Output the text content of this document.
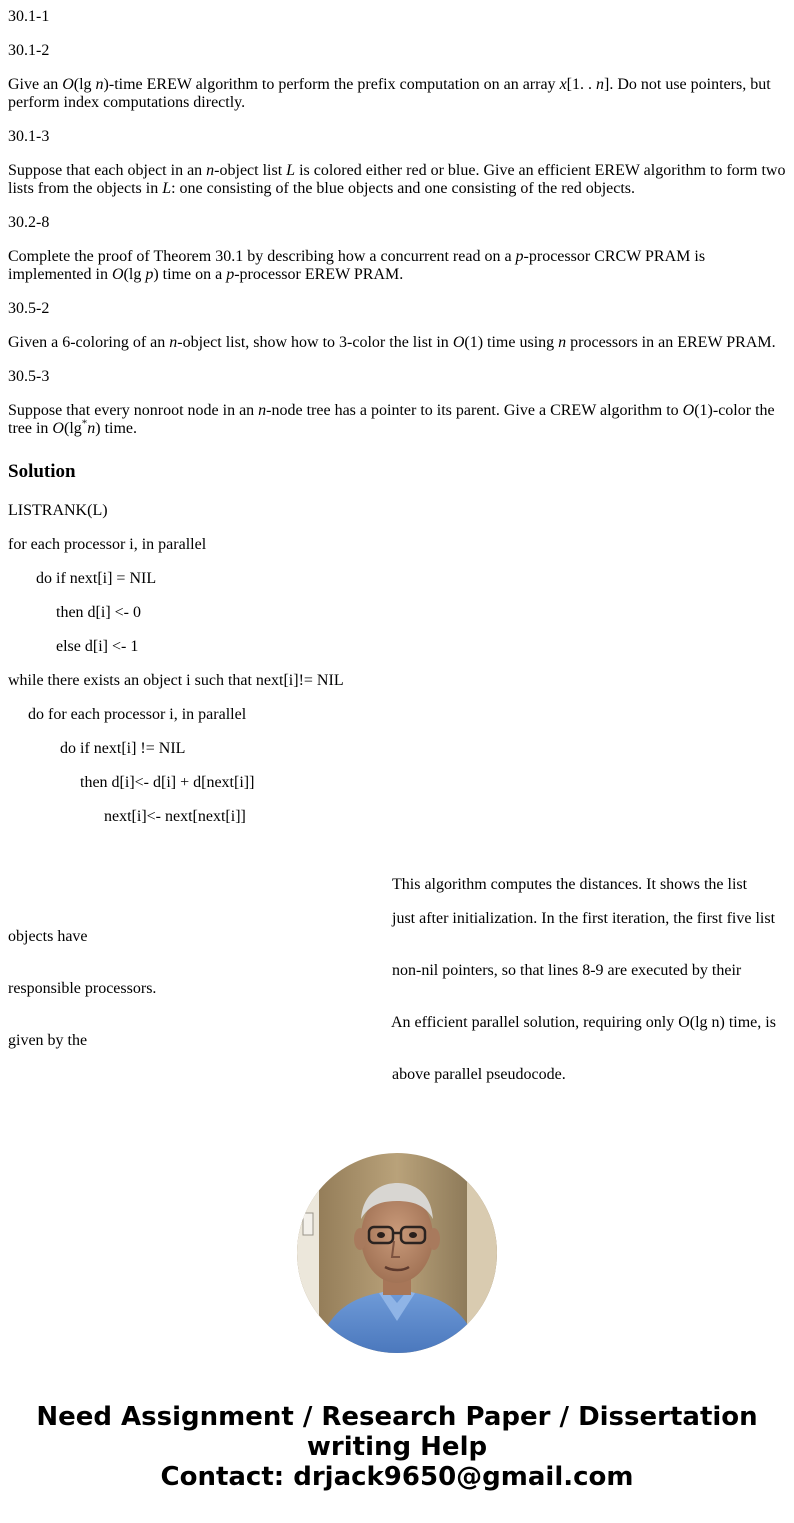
30.1-1

30.1-2

Give an O(lg n)-time EREW algorithm to perform the prefix computation on an array x[1. . n]. Do not use pointers, but perform index computations directly.

30.1-3

Suppose that each object in an n-object list L is colored either red or blue. Give an efficient EREW algorithm to form two lists from the objects in L: one consisting of the blue objects and one consisting of the red objects.

30.2-8

Complete the proof of Theorem 30.1 by describing how a concurrent read on a p-processor CRCW PRAM is implemented in O(lg p) time on a p-processor EREW PRAM.

30.5-2

Given a 6-coloring of an n-object list, show how to 3-color the list in O(1) time using n processors in an EREW PRAM.

30.5-3

Suppose that every nonroot node in an n-node tree has a pointer to its parent. Give a CREW algorithm to O(1)-color the tree in O(lg*n) time.

Solution

LISTRANK(L)

for each processor i, in parallel

do if next[i] = NIL

then d[i] <- 0

else d[i] <- 1

while there exists an object i such that next[i]!= NIL

do for each processor i, in parallel

do if next[i] != NIL

then d[i]<- d[i] + d[next[i]]

next[i]<- next[next[i]]

This algorithm computes the distances. It shows the list

just after initialization. In the first iteration, the first five list

objects have

non-nil pointers, so that lines 8-9 are executed by their

responsible processors.

An efficient parallel solution, requiring only O(lg n) time, is

given by the

above parallel pseudocode.

Need Assignment / Research Paper / Dissertation
writing Help
Contact: drjack9650@gmail.com
